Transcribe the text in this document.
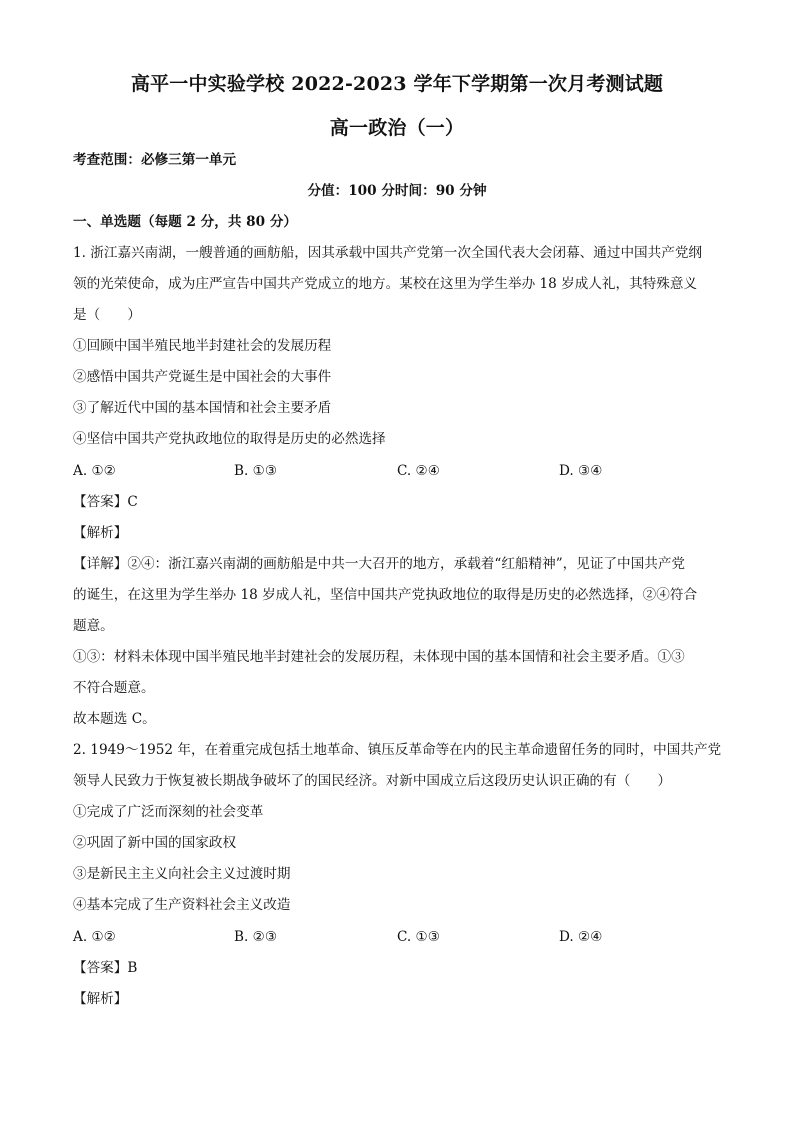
高平一中实验学校 2022-2023 学年下学期第一次月考测试题
高一政治（一）
考查范围：必修三第一单元
分值：100 分时间：90 分钟
一、单选题（每题 2 分，共 80 分）
1. 浙江嘉兴南湖，一艘普通的画舫船，因其承载中国共产党第一次全国代表大会闭幕、通过中国共产党纲
领的光荣使命，成为庄严宣告中国共产党成立的地方。某校在这里为学生举办 18 岁成人礼，其特殊意义
是（　　）
①回顾中国半殖民地半封建社会的发展历程
②感悟中国共产党诞生是中国社会的大事件
③了解近代中国的基本国情和社会主要矛盾
④坚信中国共产党执政地位的取得是历史的必然选择
A. ①②	B. ①③	C. ②④	D. ③④
【答案】C
【解析】
【详解】②④：浙江嘉兴南湖的画舫船是中共一大召开的地方，承载着“红船精神”，见证了中国共产党
的诞生，在这里为学生举办 18 岁成人礼，坚信中国共产党执政地位的取得是历史的必然选择，②④符合
题意。
①③：材料未体现中国半殖民地半封建社会的发展历程，未体现中国的基本国情和社会主要矛盾。①③
不符合题意。
故本题选 C。
2. 1949～1952 年，在着重完成包括土地革命、镇压反革命等在内的民主革命遗留任务的同时，中国共产党
领导人民致力于恢复被长期战争破坏了的国民经济。对新中国成立后这段历史认识正确的有（　　）
①完成了广泛而深刻的社会变革
②巩固了新中国的国家政权
③是新民主主义向社会主义过渡时期
④基本完成了生产资料社会主义改造
A. ①②	B. ②③	C. ①③	D. ②④
【答案】B
【解析】
